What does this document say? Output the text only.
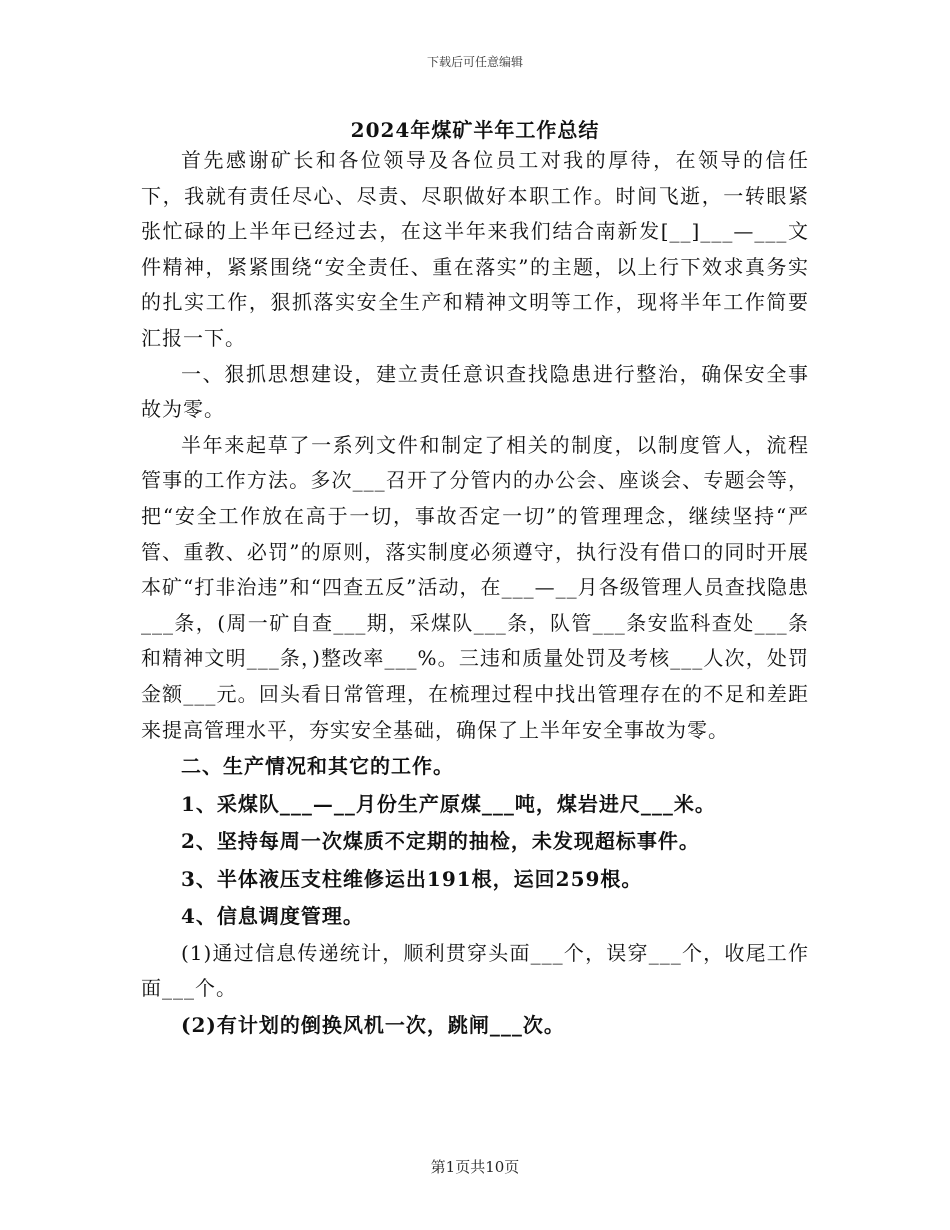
下载后可任意编辑
2024年煤矿半年工作总结

首先感谢矿长和各位领导及各位员工对我的厚待，在领导的信任下，我就有责任尽心、尽责、尽职做好本职工作。时间飞逝，一转眼紧张忙碌的上半年已经过去，在这半年来我们结合南新发[__]___—___文件精神，紧紧围绕“安全责任、重在落实”的主题，以上行下效求真务实的扎实工作，狠抓落实安全生产和精神文明等工作，现将半年工作简要汇报一下。

一、狠抓思想建设，建立责任意识查找隐患进行整治，确保安全事故为零。

半年来起草了一系列文件和制定了相关的制度，以制度管人，流程管事的工作方法。多次___召开了分管内的办公会、座谈会、专题会等，把“安全工作放在高于一切，事故否定一切”的管理理念，继续坚持“严管、重教、必罚”的原则，落实制度必须遵守，执行没有借口的同时开展本矿“打非治违”和“四查五反”活动，在___—__月各级管理人员查找隐患___条，(周一矿自查___期，采煤队___条，队管___条安监科查处___条和精神文明___条，)整改率___%。三违和质量处罚及考核___人次，处罚金额___元。回头看日常管理，在梳理过程中找出管理存在的不足和差距来提高管理水平，夯实安全基础，确保了上半年安全事故为零。

二、生产情况和其它的工作。

1、采煤队___—__月份生产原煤___吨，煤岩进尺___米。

2、坚持每周一次煤质不定期的抽检，未发现超标事件。

3、半体液压支柱维修运出191根，运回259根。

4、信息调度管理。

(1)通过信息传递统计，顺利贯穿头面___个，误穿___个，收尾工作面___个。

(2)有计划的倒换风机一次，跳闸___次。

第1页共10页
